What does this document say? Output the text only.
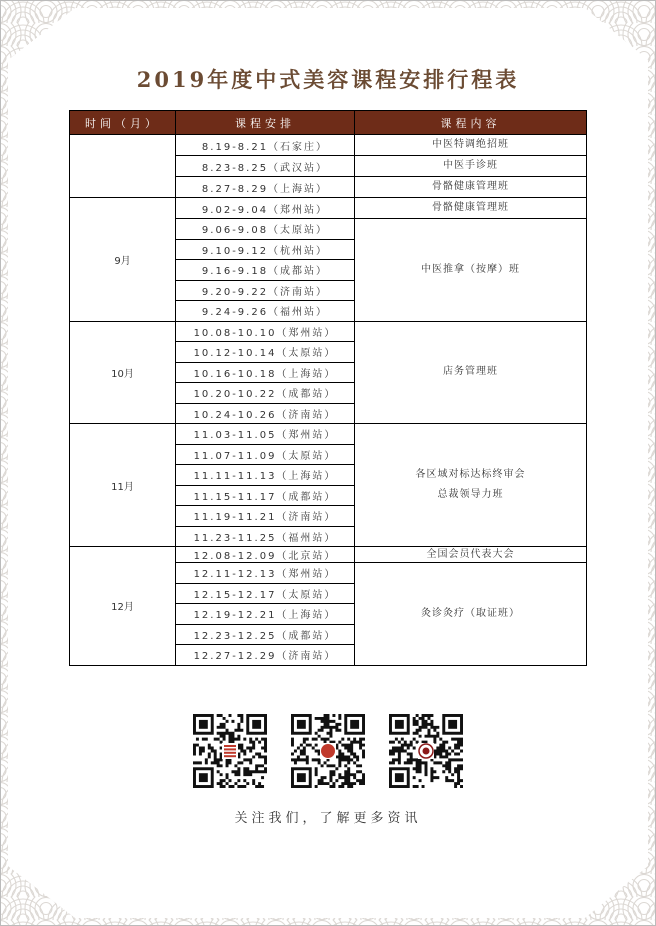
2019年度中式美容课程安排行程表
时间（月）	课程安排	课程内容
	8.19-8.21（石家庄）	中医特调绝招班
	8.23-8.25（武汉站）	中医手诊班
	8.27-8.29（上海站）	骨骼健康管理班
9月	9.02-9.04（郑州站）	骨骼健康管理班
	9.06-9.08（太原站）	中医推拿（按摩）班
	9.10-9.12（杭州站）	
	9.16-9.18（成都站）	
	9.20-9.22（济南站）	
	9.24-9.26（福州站）	
10月	10.08-10.10（郑州站）	店务管理班
	10.12-10.14（太原站）	
	10.16-10.18（上海站）	
	10.20-10.22（成都站）	
	10.24-10.26（济南站）	
11月	11.03-11.05（郑州站）	各区域对标达标终审会
总裁领导力班
	11.07-11.09（太原站）	
	11.11-11.13（上海站）	
	11.15-11.17（成都站）	
	11.19-11.21（济南站）	
	11.23-11.25（福州站）	
12月	12.08-12.09（北京站）	全国会员代表大会
	12.11-12.13（郑州站）	灸诊灸疗（取证班）
	12.15-12.17（太原站）	
	12.19-12.21（上海站）	
	12.23-12.25（成都站）	
	12.27-12.29（济南站）	
关注我们，了解更多资讯
